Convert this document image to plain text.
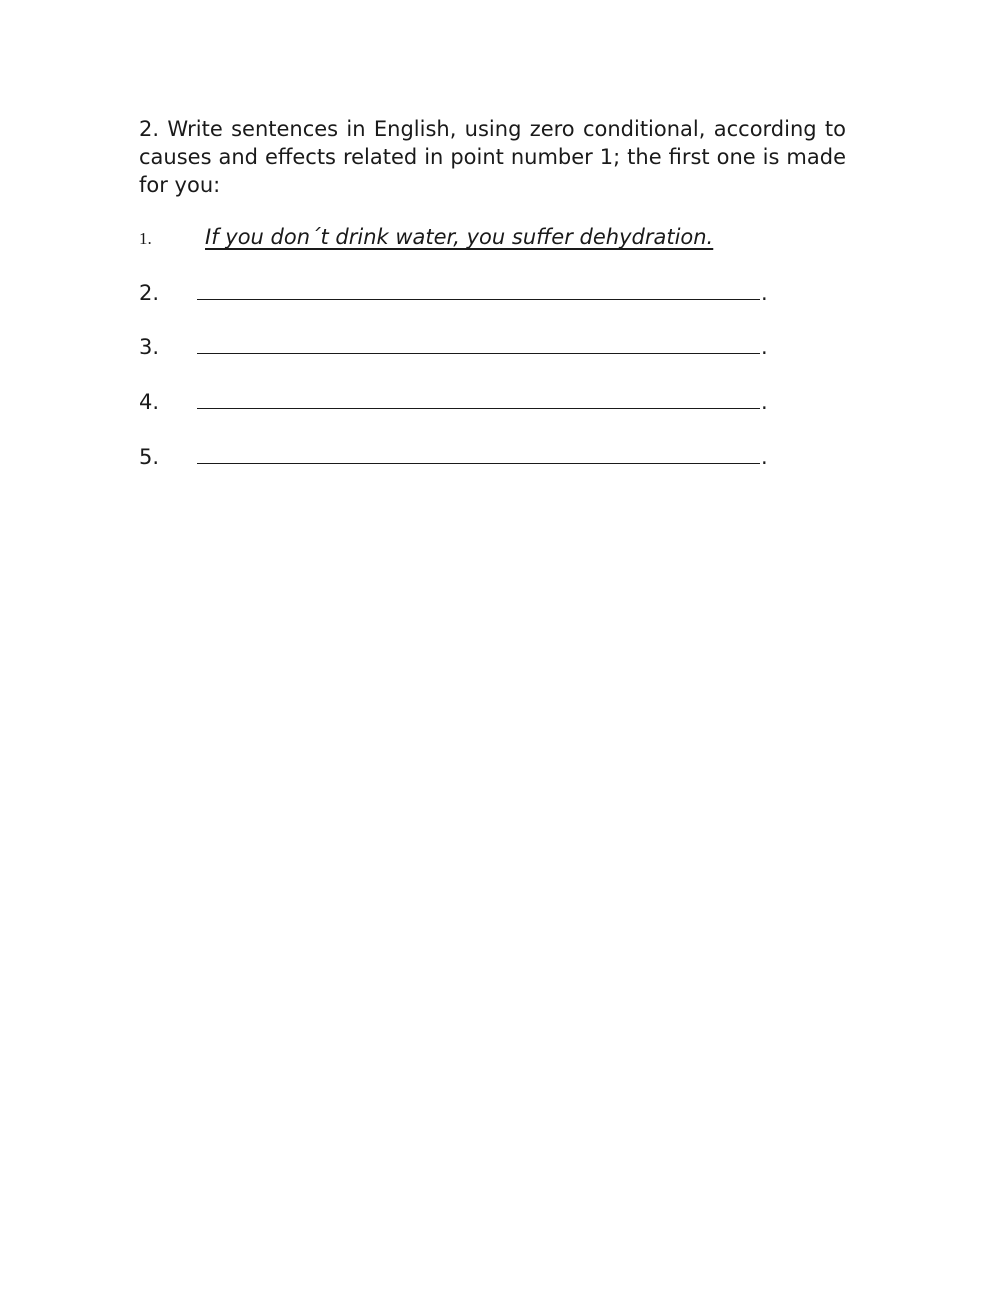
2. Write sentences in English, using zero conditional, according to causes and effects related in point number 1; the first one is made for you:

1.	If you don´t drink water, you suffer dehydration.
2.	.
3.	.
4.	.
5.	.
